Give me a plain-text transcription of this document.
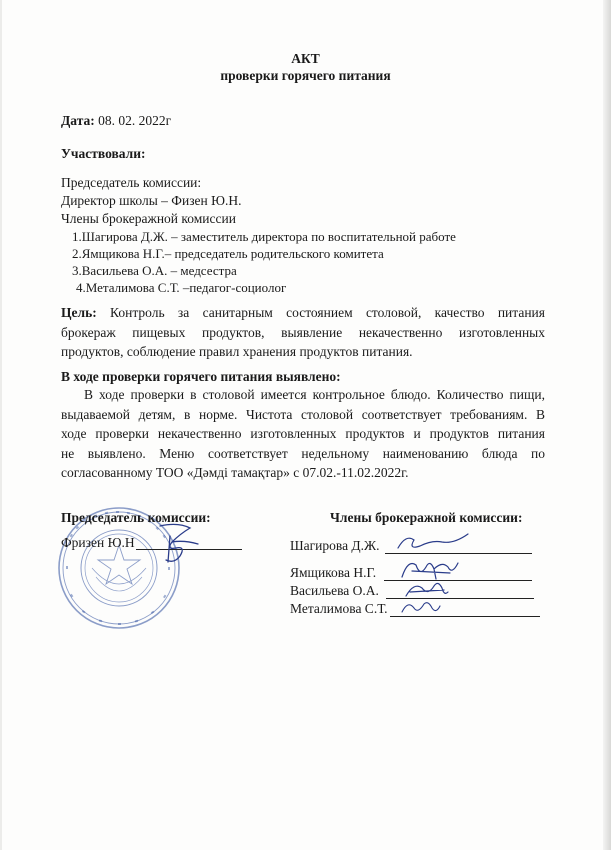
АКТ
проверки горячего питания
Дата: 08. 02. 2022г
Участвовали:
Председатель комиссии:
Директор школы – Физен Ю.Н.
Члены брокеражной комиссии
1.Шагирова Д.Ж. – заместитель директора по воспитательной работе
2.Ямщикова Н.Г.– председатель родительского комитета
3.Васильева О.А. – медсестра
4.Металимова С.Т. –педагог-социолог
Цель: Контроль за санитарным состоянием столовой, качество питания
брокераж пищевых продуктов, выявление некачественно изготовленных
продуктов, соблюдение правил хранения продуктов питания.
В ходе проверки горячего питания выявлено:
В ходе проверки в столовой имеется контрольное блюдо. Количество пищи,
выдаваемой детям, в норме. Чистота столовой соответствует требованиям. В
ходе проверки некачественно изготовленных продуктов и продуктов питания
не выявлено. Меню соответствует недельному наименованию блюда по
согласованному ТОО «Дәмді тамақтар» с 07.02.-11.02.2022г.
Председатель комиссии:
Фризен Ю.Н
Члены брокеражной комиссии:
Шагирова Д.Ж.
Ямщикова Н.Г.
Васильева О.А.
Металимова С.Т.
